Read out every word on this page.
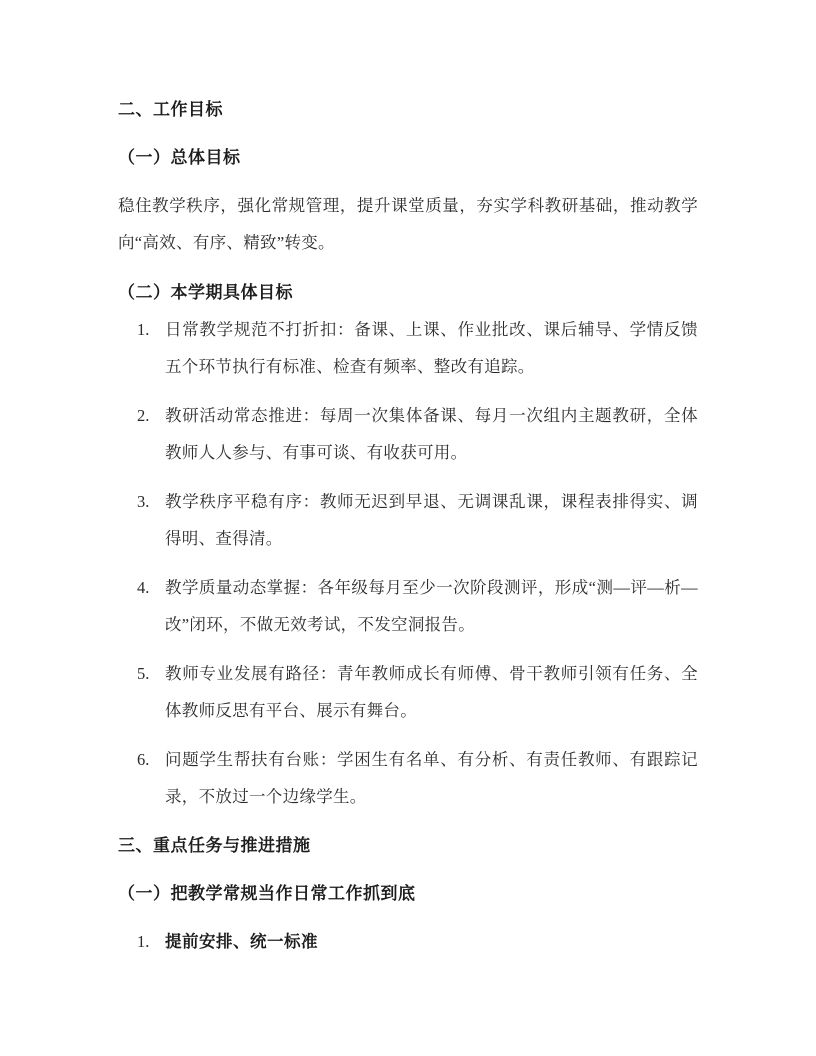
二、工作目标
（一）总体目标

稳住教学秩序，强化常规管理，提升课堂质量，夯实学科教研基础，推动教学向“高效、有序、精致”转变。

（二）本学期具体目标
1. 日常教学规范不打折扣：备课、上课、作业批改、课后辅导、学情反馈五个环节执行有标准、检查有频率、整改有追踪。
2. 教研活动常态推进：每周一次集体备课、每月一次组内主题教研，全体教师人人参与、有事可谈、有收获可用。
3. 教学秩序平稳有序：教师无迟到早退、无调课乱课，课程表排得实、调得明、查得清。
4. 教学质量动态掌握：各年级每月至少一次阶段测评，形成“测—评—析—改”闭环，不做无效考试，不发空洞报告。
5. 教师专业发展有路径：青年教师成长有师傅、骨干教师引领有任务、全体教师反思有平台、展示有舞台。
6. 问题学生帮扶有台账：学困生有名单、有分析、有责任教师、有跟踪记录，不放过一个边缘学生。
三、重点任务与推进措施
（一）把教学常规当作日常工作抓到底
1. 提前安排、统一标准
